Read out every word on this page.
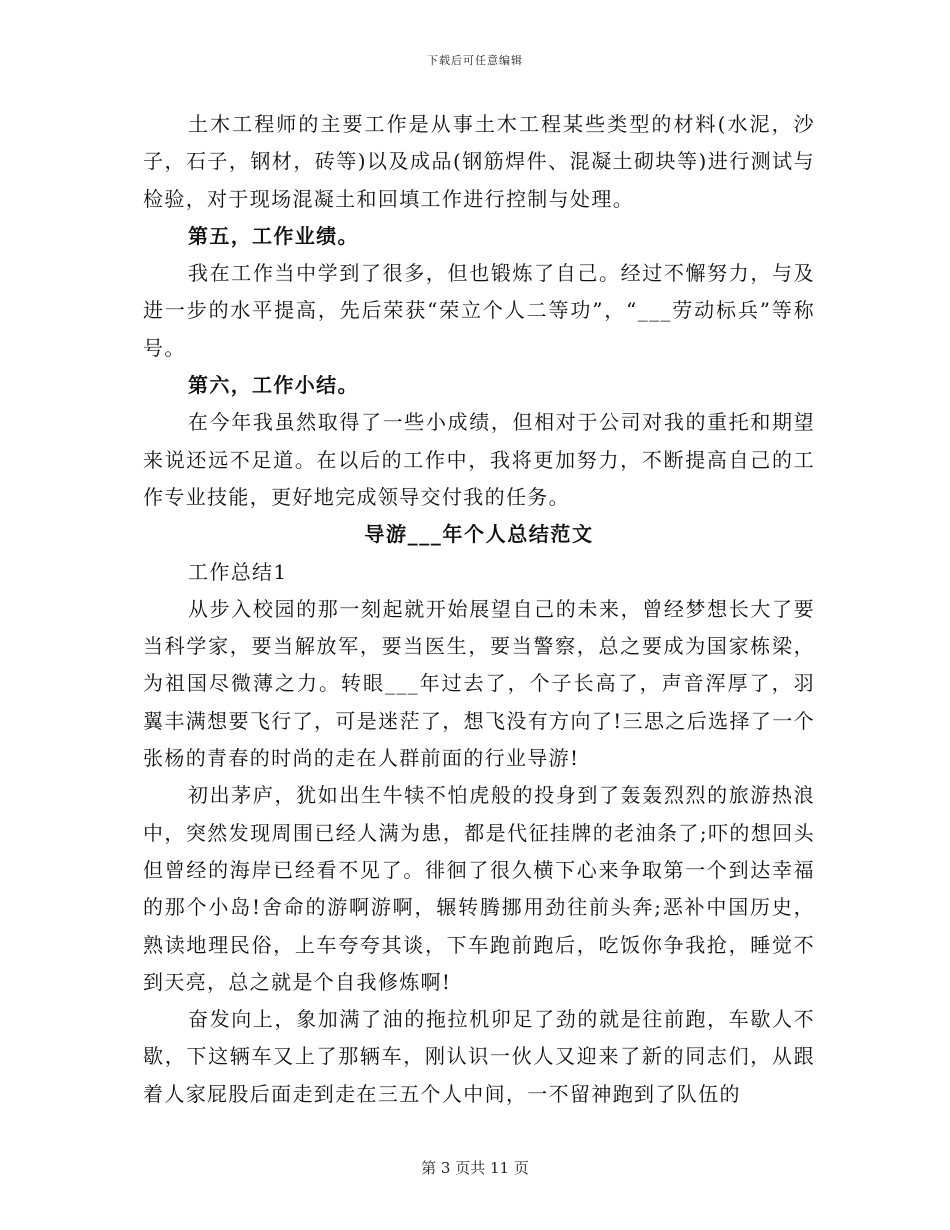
下载后可任意编辑

土木工程师的主要工作是从事土木工程某些类型的材料(水泥，沙子，石子，钢材，砖等)以及成品(钢筋焊件、混凝土砌块等)进行测试与检验，对于现场混凝土和回填工作进行控制与处理。

第五，工作业绩。

我在工作当中学到了很多，但也锻炼了自己。经过不懈努力，与及进一步的水平提高，先后荣获“荣立个人二等功”，“___劳动标兵”等称号。

第六，工作小结。

在今年我虽然取得了一些小成绩，但相对于公司对我的重托和期望来说还远不足道。在以后的工作中，我将更加努力，不断提高自己的工作专业技能，更好地完成领导交付我的任务。

导游___年个人总结范文

工作总结1

从步入校园的那一刻起就开始展望自己的未来，曾经梦想长大了要当科学家，要当解放军，要当医生，要当警察，总之要成为国家栋梁，为祖国尽微薄之力。转眼___年过去了，个子长高了，声音浑厚了，羽翼丰满想要飞行了，可是迷茫了，想飞没有方向了!三思之后选择了一个张杨的青春的时尚的走在人群前面的行业导游!

初出茅庐，犹如出生牛犊不怕虎般的投身到了轰轰烈烈的旅游热浪中，突然发现周围已经人满为患，都是代征挂牌的老油条了;吓的想回头但曾经的海岸已经看不见了。徘徊了很久横下心来争取第一个到达幸福的那个小岛!舍命的游啊游啊，辗转腾挪用劲往前头奔;恶补中国历史，熟读地理民俗，上车夸夸其谈，下车跑前跑后，吃饭你争我抢，睡觉不到天亮，总之就是个自我修炼啊!

奋发向上，象加满了油的拖拉机卯足了劲的就是往前跑，车歇人不歇，下这辆车又上了那辆车，刚认识一伙人又迎来了新的同志们，从跟着人家屁股后面走到走在三五个人中间，一不留神跑到了队伍的

第 3 页共 11 页
